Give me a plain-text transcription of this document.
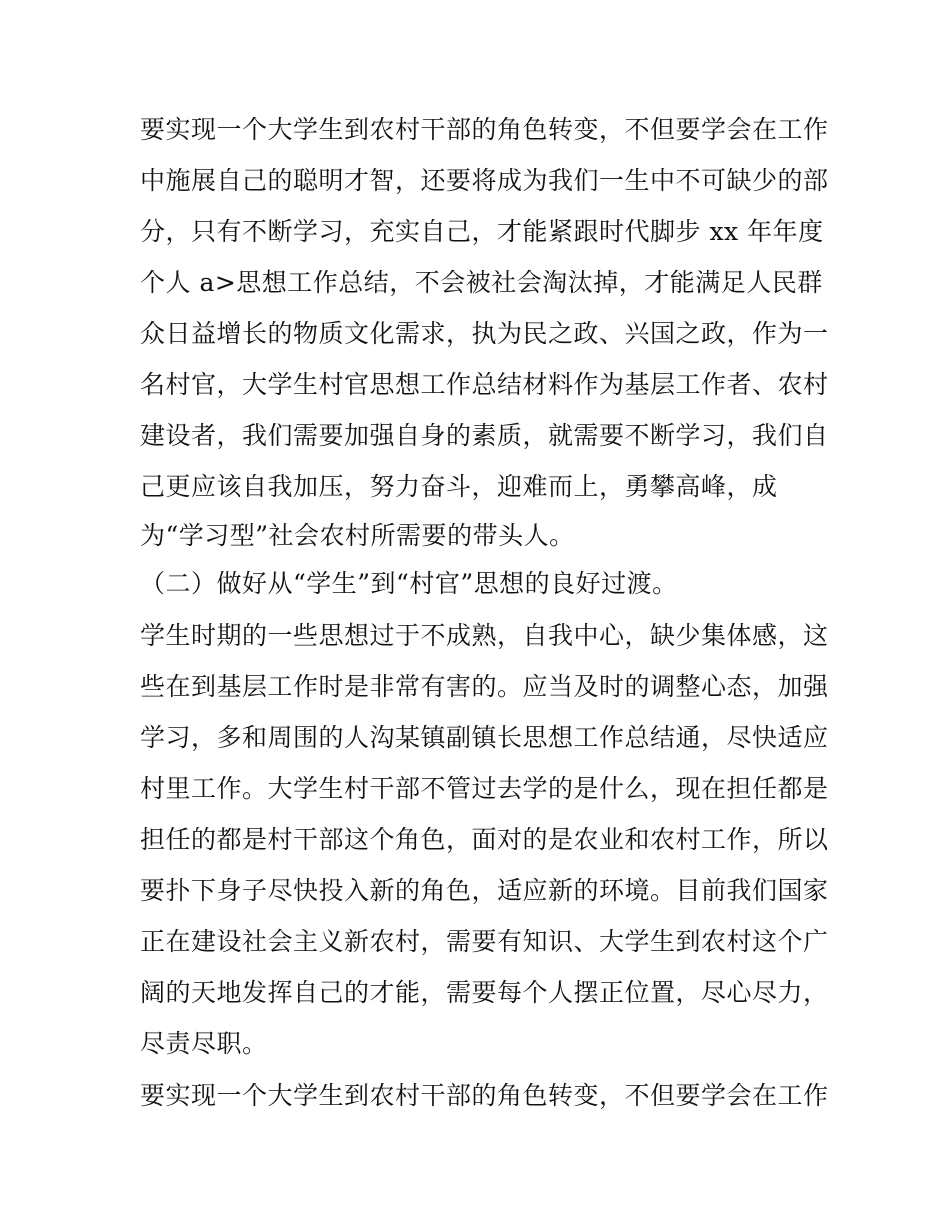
要实现一个大学生到农村干部的角色转变，不但要学会在工作
中施展自己的聪明才智，还要将成为我们一生中不可缺少的部
分，只有不断学习，充实自己，才能紧跟时代脚步 xx 年年度
个人 a>思想工作总结，不会被社会淘汰掉，才能满足人民群
众日益增长的物质文化需求，执为民之政、兴国之政，作为一
名村官，大学生村官思想工作总结材料作为基层工作者、农村
建设者，我们需要加强自身的素质，就需要不断学习，我们自
己更应该自我加压，努力奋斗，迎难而上，勇攀高峰，成
为“学习型”社会农村所需要的带头人。
（二）做好从“学生”到“村官”思想的良好过渡。
学生时期的一些思想过于不成熟，自我中心，缺少集体感，这
些在到基层工作时是非常有害的。应当及时的调整心态，加强
学习，多和周围的人沟某镇副镇长思想工作总结通，尽快适应
村里工作。大学生村干部不管过去学的是什么，现在担任都是
担任的都是村干部这个角色，面对的是农业和农村工作，所以
要扑下身子尽快投入新的角色，适应新的环境。目前我们国家
正在建设社会主义新农村，需要有知识、大学生到农村这个广
阔的天地发挥自己的才能，需要每个人摆正位置，尽心尽力，
尽责尽职。
要实现一个大学生到农村干部的角色转变，不但要学会在工作
